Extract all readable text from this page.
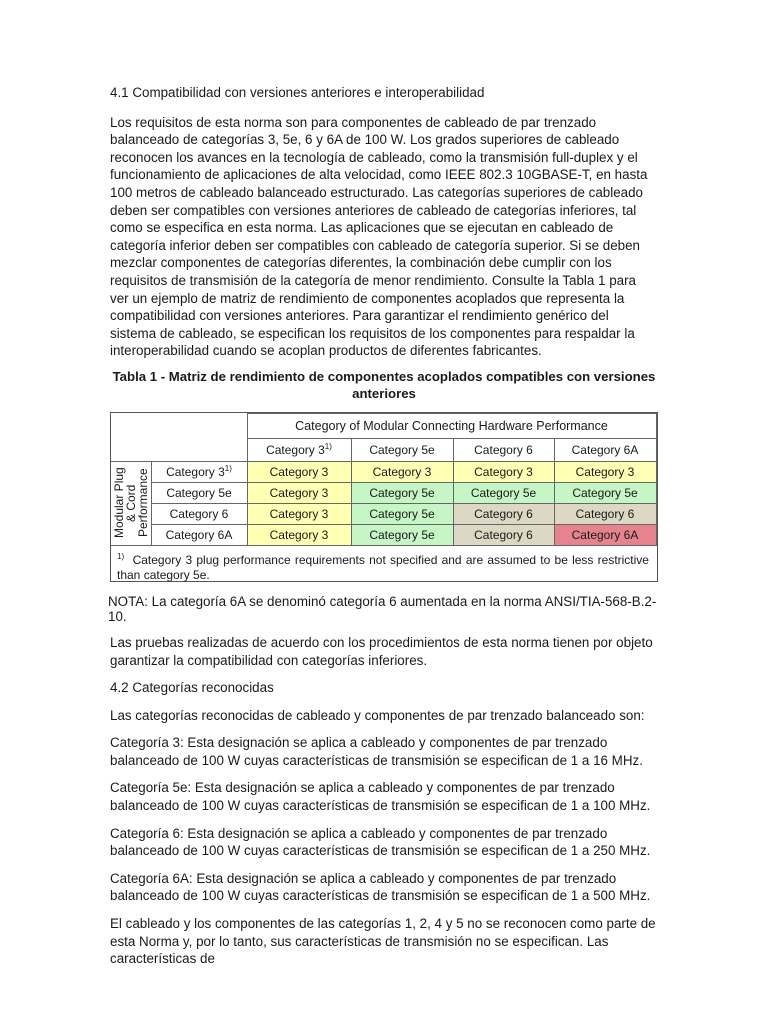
4.1 Compatibilidad con versiones anteriores e interoperabilidad

Los requisitos de esta norma son para componentes de cableado de par trenzado balanceado de categorías 3, 5e, 6 y 6A de 100 W. Los grados superiores de cableado reconocen los avances en la tecnología de cableado, como la transmisión full-duplex y el funcionamiento de aplicaciones de alta velocidad, como IEEE 802.3 10GBASE-T, en hasta 100 metros de cableado balanceado estructurado. Las categorías superiores de cableado deben ser compatibles con versiones anteriores de cableado de categorías inferiores, tal como se especifica en esta norma. Las aplicaciones que se ejecutan en cableado de categoría inferior deben ser compatibles con cableado de categoría superior. Si se deben mezclar componentes de categorías diferentes, la combinación debe cumplir con los requisitos de transmisión de la categoría de menor rendimiento. Consulte la Tabla 1 para ver un ejemplo de matriz de rendimiento de componentes acoplados que representa la compatibilidad con versiones anteriores. Para garantizar el rendimiento genérico del sistema de cableado, se especifican los requisitos de los componentes para respaldar la interoperabilidad cuando se acoplan productos de diferentes fabricantes.

Tabla 1 - Matriz de rendimiento de componentes acoplados compatibles con versiones anteriores

		Category of Modular Connecting Hardware Performance			
		Category 3$^{1)}$	Category 5e	Category 6	Category 6A

Modular Plug & Cord Performance	Category 3$^{1)}$	Category 3	Category 3	Category 3	Category 3
	Category 5e	Category 3	Category 5e	Category 5e	Category 5e
	Category 6	Category 3	Category 5e	Category 6	Category 6
	Category 6A	Category 3	Category 5e	Category 6	Category 6A
$^{1)}$ Category 3 plug performance requirements not specified and are assumed to be less restrictive than category 5e.

NOTA: La categoría 6A se denominó categoría 6 aumentada en la norma ANSI/TIA-568-B.2-10.

Las pruebas realizadas de acuerdo con los procedimientos de esta norma tienen por objeto garantizar la compatibilidad con categorías inferiores.

4.2 Categorías reconocidas

Las categorías reconocidas de cableado y componentes de par trenzado balanceado son:

Categoría 3: Esta designación se aplica a cableado y componentes de par trenzado balanceado de 100 W cuyas características de transmisión se especifican de 1 a 16 MHz.

Categoría 5e: Esta designación se aplica a cableado y componentes de par trenzado balanceado de 100 W cuyas características de transmisión se especifican de 1 a 100 MHz.

Categoría 6: Esta designación se aplica a cableado y componentes de par trenzado balanceado de 100 W cuyas características de transmisión se especifican de 1 a 250 MHz.

Categoría 6A: Esta designación se aplica a cableado y componentes de par trenzado balanceado de 100 W cuyas características de transmisión se especifican de 1 a 500 MHz.

El cableado y los componentes de las categorías 1, 2, 4 y 5 no se reconocen como parte de esta Norma y, por lo tanto, sus características de transmisión no se especifican. Las características de
